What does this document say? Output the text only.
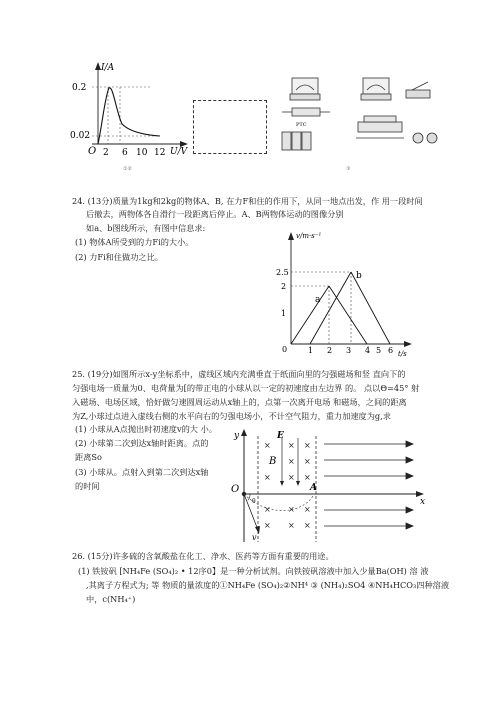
I/A
0.2
0.02
O 2 6 10 12 U/V
①②
PTC
③
24. (13分)质量为1kg和2kg的物体A、B, 在力F和住的作用下，从同一地点出发，作 用一段时间
后撤去，两物体各自滑行一段距离后停止。A、B两物体运动的图像分别
如a、b图线所示，有图中信息求:
(1) 物体A所受到的力Fi的大小。
(2) 力Fi和住做功之比。
v/m·s⁻¹
2.5
2
1
0	1 2 3 4 5 6 t/s
a
b
25. (19分)如图所示x-y坐标系中，虚线区域内充满垂直于纸面向里的匀强磁场和竖 直向下的
匀强电场一质量为0、电荷量为[的带正电的小球从以一定的初速度由左边界 的。 点以Θ=45° 射
入磁场、电场区域，恰好做匀速圆周运动从x轴上的，点第一次离开电场 和磁场，之间的距离
为Z,小球过点进入虚线右侧的水平向右的匀强电场小，不计空气阻力，重力加速度为g,求
(1) 小球从A点抛出时初速度v的大 小。
(2) 小球第二次到达x轴时距离。点的
距离So
(3) 小球从。点射入到第二次到达x轴
的时间
y
x
E
B
× × ×
× ×
× × ×
× × ×
× × ×
O
θ
v
A
26. (15分)许多硫的含氧酸盐在化工、净水、医药等方面有重要的用途。
(1) 铁铵矾 [NH₄Fe (SO₄)₂ • 12序0】是一种分析试剂。向铁铵矾溶液中加入少量Ba(OH) 溶 液
,其离子方程式为; 等 物质的量浓度的①NH₄Fe (SO₄)₂②NH⁴ ③ (NH₄)₂SO4 ④NH₄HCO₃四种溶液
中，c(NH₄⁺)
